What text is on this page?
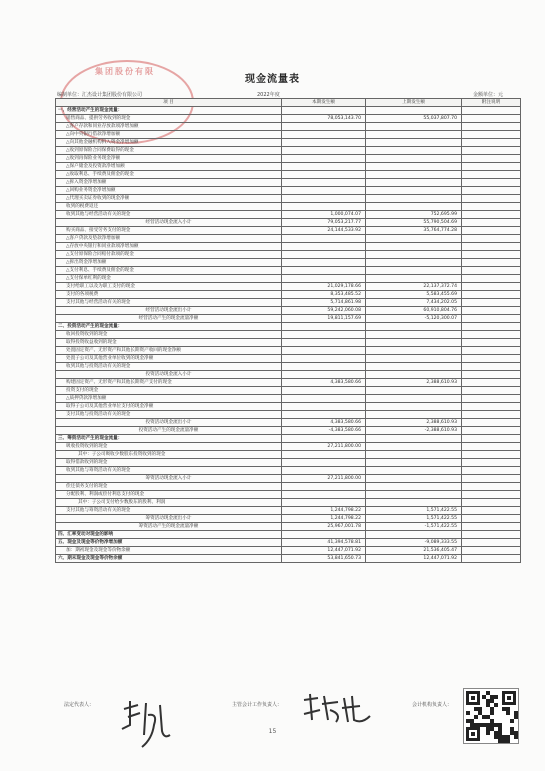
集团股份有限
现金流量表
编制单位：汇杰设计集团股份有限公司	2022年度	金额单位：元
项 目	本期发生额	上期发生额	附注说明
一、经营活动产生的现金流量：			
销售商品、提供劳务收到的现金	78,053,143.70	55,037,807.70	
△客户存款和同业存放款项净增加额			
△向中央银行借款净增加额			
△向其他金融机构拆入资金净增加额			
△收到原保险合同保费取得的现金			
△收到再保险业务现金净额			
△保户储金及投资款净增加额			
△收取利息、手续费及佣金的现金			
△拆入资金净增加额			
△回购业务资金净增加额			
△代理买卖证券收到的现金净额			
收到的税费返还			
收到其他与经营活动有关的现金	1,000,074.07	752,695.99	
经营活动现金流入小计	79,053,217.77	55,790,504.69	
购买商品、接受劳务支付的现金	24,144,533.92	35,764,774.28	
△客户贷款及垫款净增加额			
△存放中央银行和同业款项净增加额			
△支付原保险合同赔付款项的现金			
△拆出资金净增加额			
△支付利息、手续费及佣金的现金			
△支付保单红利的现金			
支付给职工以及为职工支付的现金	21,029,178.66	22,137,372.74	
支付的各项税费	8,353,485.52	5,583,455.69	
支付其他与经营活动有关的现金	5,714,861.98	7,434,202.05	
经营活动现金流出小计	59,242,060.08	60,910,804.76	
经营活动产生的现金流量净额	19,811,157.69	-5,120,300.07	
二、投资活动产生的现金流量：			
收回投资收到的现金			
取得投资收益收到的现金			
处置固定资产、无形资产和其他长期资产收回的现金净额			
处置子公司及其他营业单位收到的现金净额			
收到其他与投资活动有关的现金			
投资活动现金流入小计			
购建固定资产、无形资产和其他长期资产支付的现金	4,383,580.66	2,388,610.93	
投资支付的现金			
△质押贷款净增加额			
取得子公司及其他营业单位支付的现金净额			
支付其他与投资活动有关的现金			
投资活动现金流出小计	4,383,580.66	2,388,610.93	
投资活动产生的现金流量净额	-4,383,580.66	-2,388,610.93	
三、筹资活动产生的现金流量：			
吸收投资收到的现金	27,211,800.00		
其中：子公司吸收少数股东投资收到的现金			
取得借款收到的现金			
收到其他与筹资活动有关的现金			
筹资活动现金流入小计	27,211,800.00		
偿还债务支付的现金			
分配股利、利润或偿付利息支付的现金			
其中：子公司支付给少数股东的股利、利润			
支付其他与筹资活动有关的现金	1,244,798.22	1,571,422.55	
筹资活动现金流出小计	1,244,798.22	1,571,422.55	
筹资活动产生的现金流量净额	25,967,001.78	-1,571,422.55	
四、汇率变动对现金的影响			
五、现金及现金等价物净增加额	41,394,578.81	-9,089,333.55	
加：期初现金及现金等价物余额	12,447,071.92	21,536,405.47	
六、期末现金及现金等价物余额	53,841,650.73	12,447,071.92	
法定代表人：	主管会计工作负责人：	会计机构负责人：
15
